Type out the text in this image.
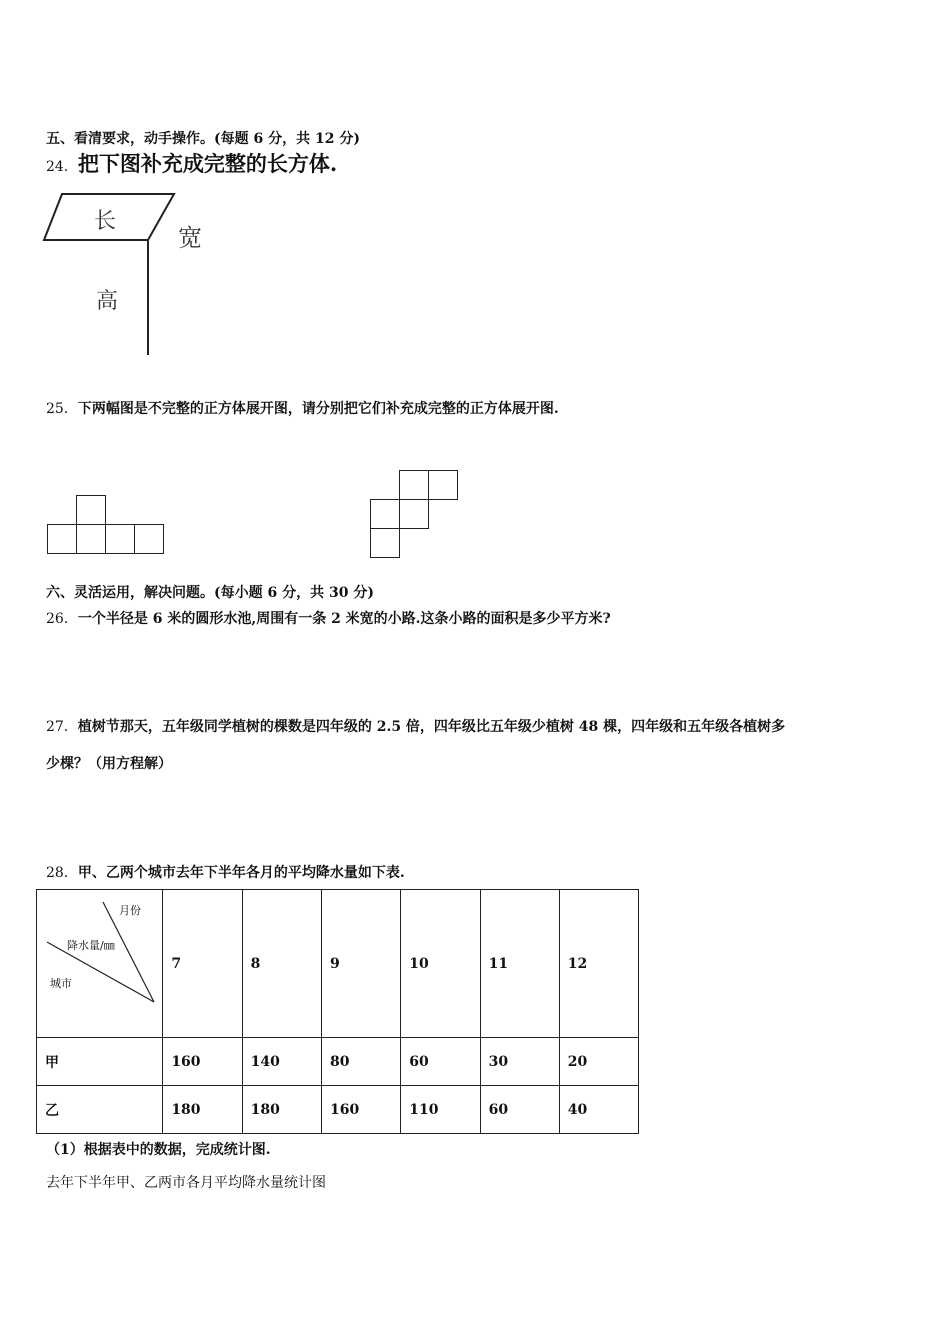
五、看清要求，动手操作。(每题 6 分，共 12 分)
24．把下图补充成完整的长方体.
长
宽
高
25．下两幅图是不完整的正方体展开图，请分别把它们补充成完整的正方体展开图.
六、灵活运用，解决问题。(每小题 6 分，共 30 分)
26．一个半径是 6 米的圆形水池,周围有一条 2 米宽的小路.这条小路的面积是多少平方米?
27．植树节那天，五年级同学植树的棵数是四年级的 2.5 倍，四年级比五年级少植树 48 棵，四年级和五年级各植树多
少棵？（用方程解）
28．甲、乙两个城市去年下半年各月的平均降水量如下表.
月份
降水量/㎜
城市	7	8	9	10	11	12
甲	160	140	80	60	30	20
乙	180	180	160	110	60	40
（1）根据表中的数据，完成统计图.
去年下半年甲、乙两市各月平均降水量统计图
